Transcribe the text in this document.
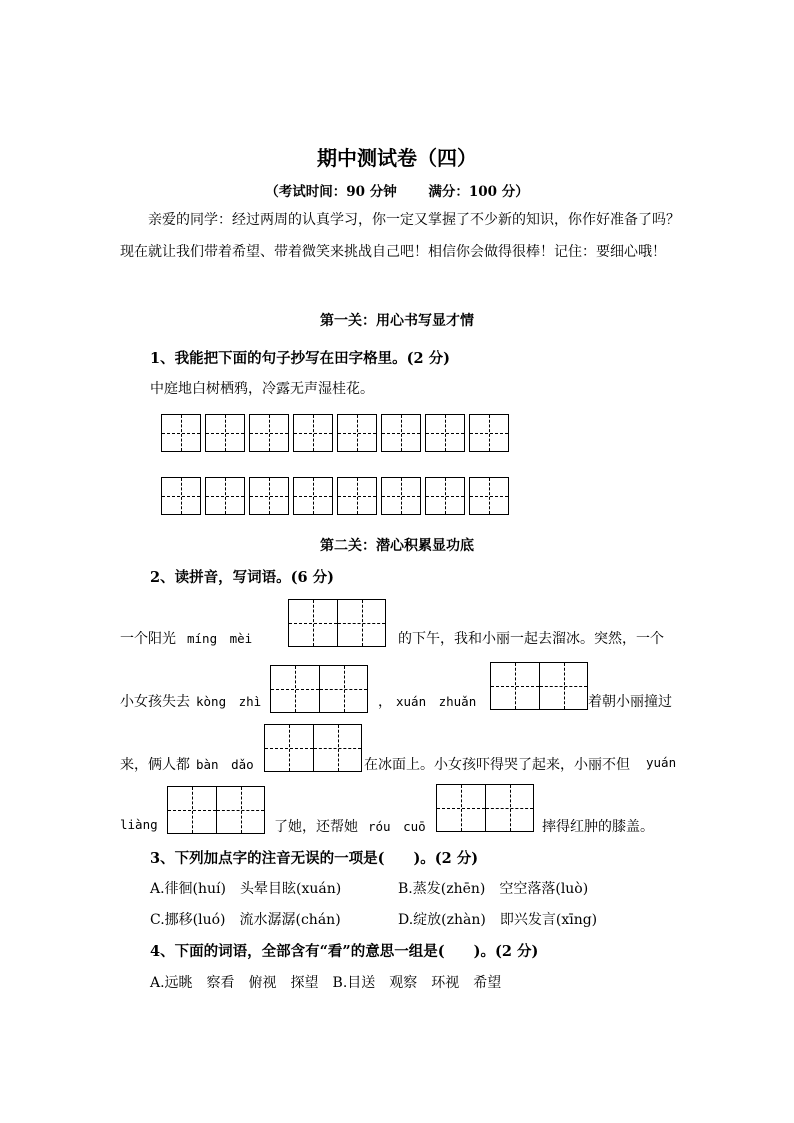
期中测试卷（四）
（考试时间：90 分钟 　　满分：100 分）
亲爱的同学：经过两周的认真学习，你一定又掌握了不少新的知识，你作好准备了吗？现在就让我们带着希望、带着微笑来挑战自己吧！相信你会做得很棒！记住：要细心哦！
第一关：用心书写显才情
1、我能把下面的句子抄写在田字格里。(2 分)
中庭地白树栖鸦，冷露无声湿桂花。
第二关：潜心积累显功底
2、读拼音，写词语。(6 分)
一个阳光 míng　mèi	的下午，我和小丽一起去溜冰。突然，一个
小女孩失去 kòng　zhì	， xuán　zhuǎn	着朝小丽撞过
来，俩人都 bàn　dǎo	在冰面上。小女孩吓得哭了起来，小丽不但 yuán
liàng	了她，还帮她 róu　cuō	摔得红肿的膝盖。
3、下列加点字的注音无误的一项是(　　)。(2 分)
A.徘徊(huí)　头晕目眩(xuán)	B.蒸发(zhēn)　空空落落(luò)
C.挪移(luó)　流水潺潺(chán)	D.绽放(zhàn)　即兴发言(xīng)
4、下面的词语，全部含有“看”的意思一组是(　　)。(2 分)
A.远眺　察看　俯视　探望　B.目送　观察　环视　希望
